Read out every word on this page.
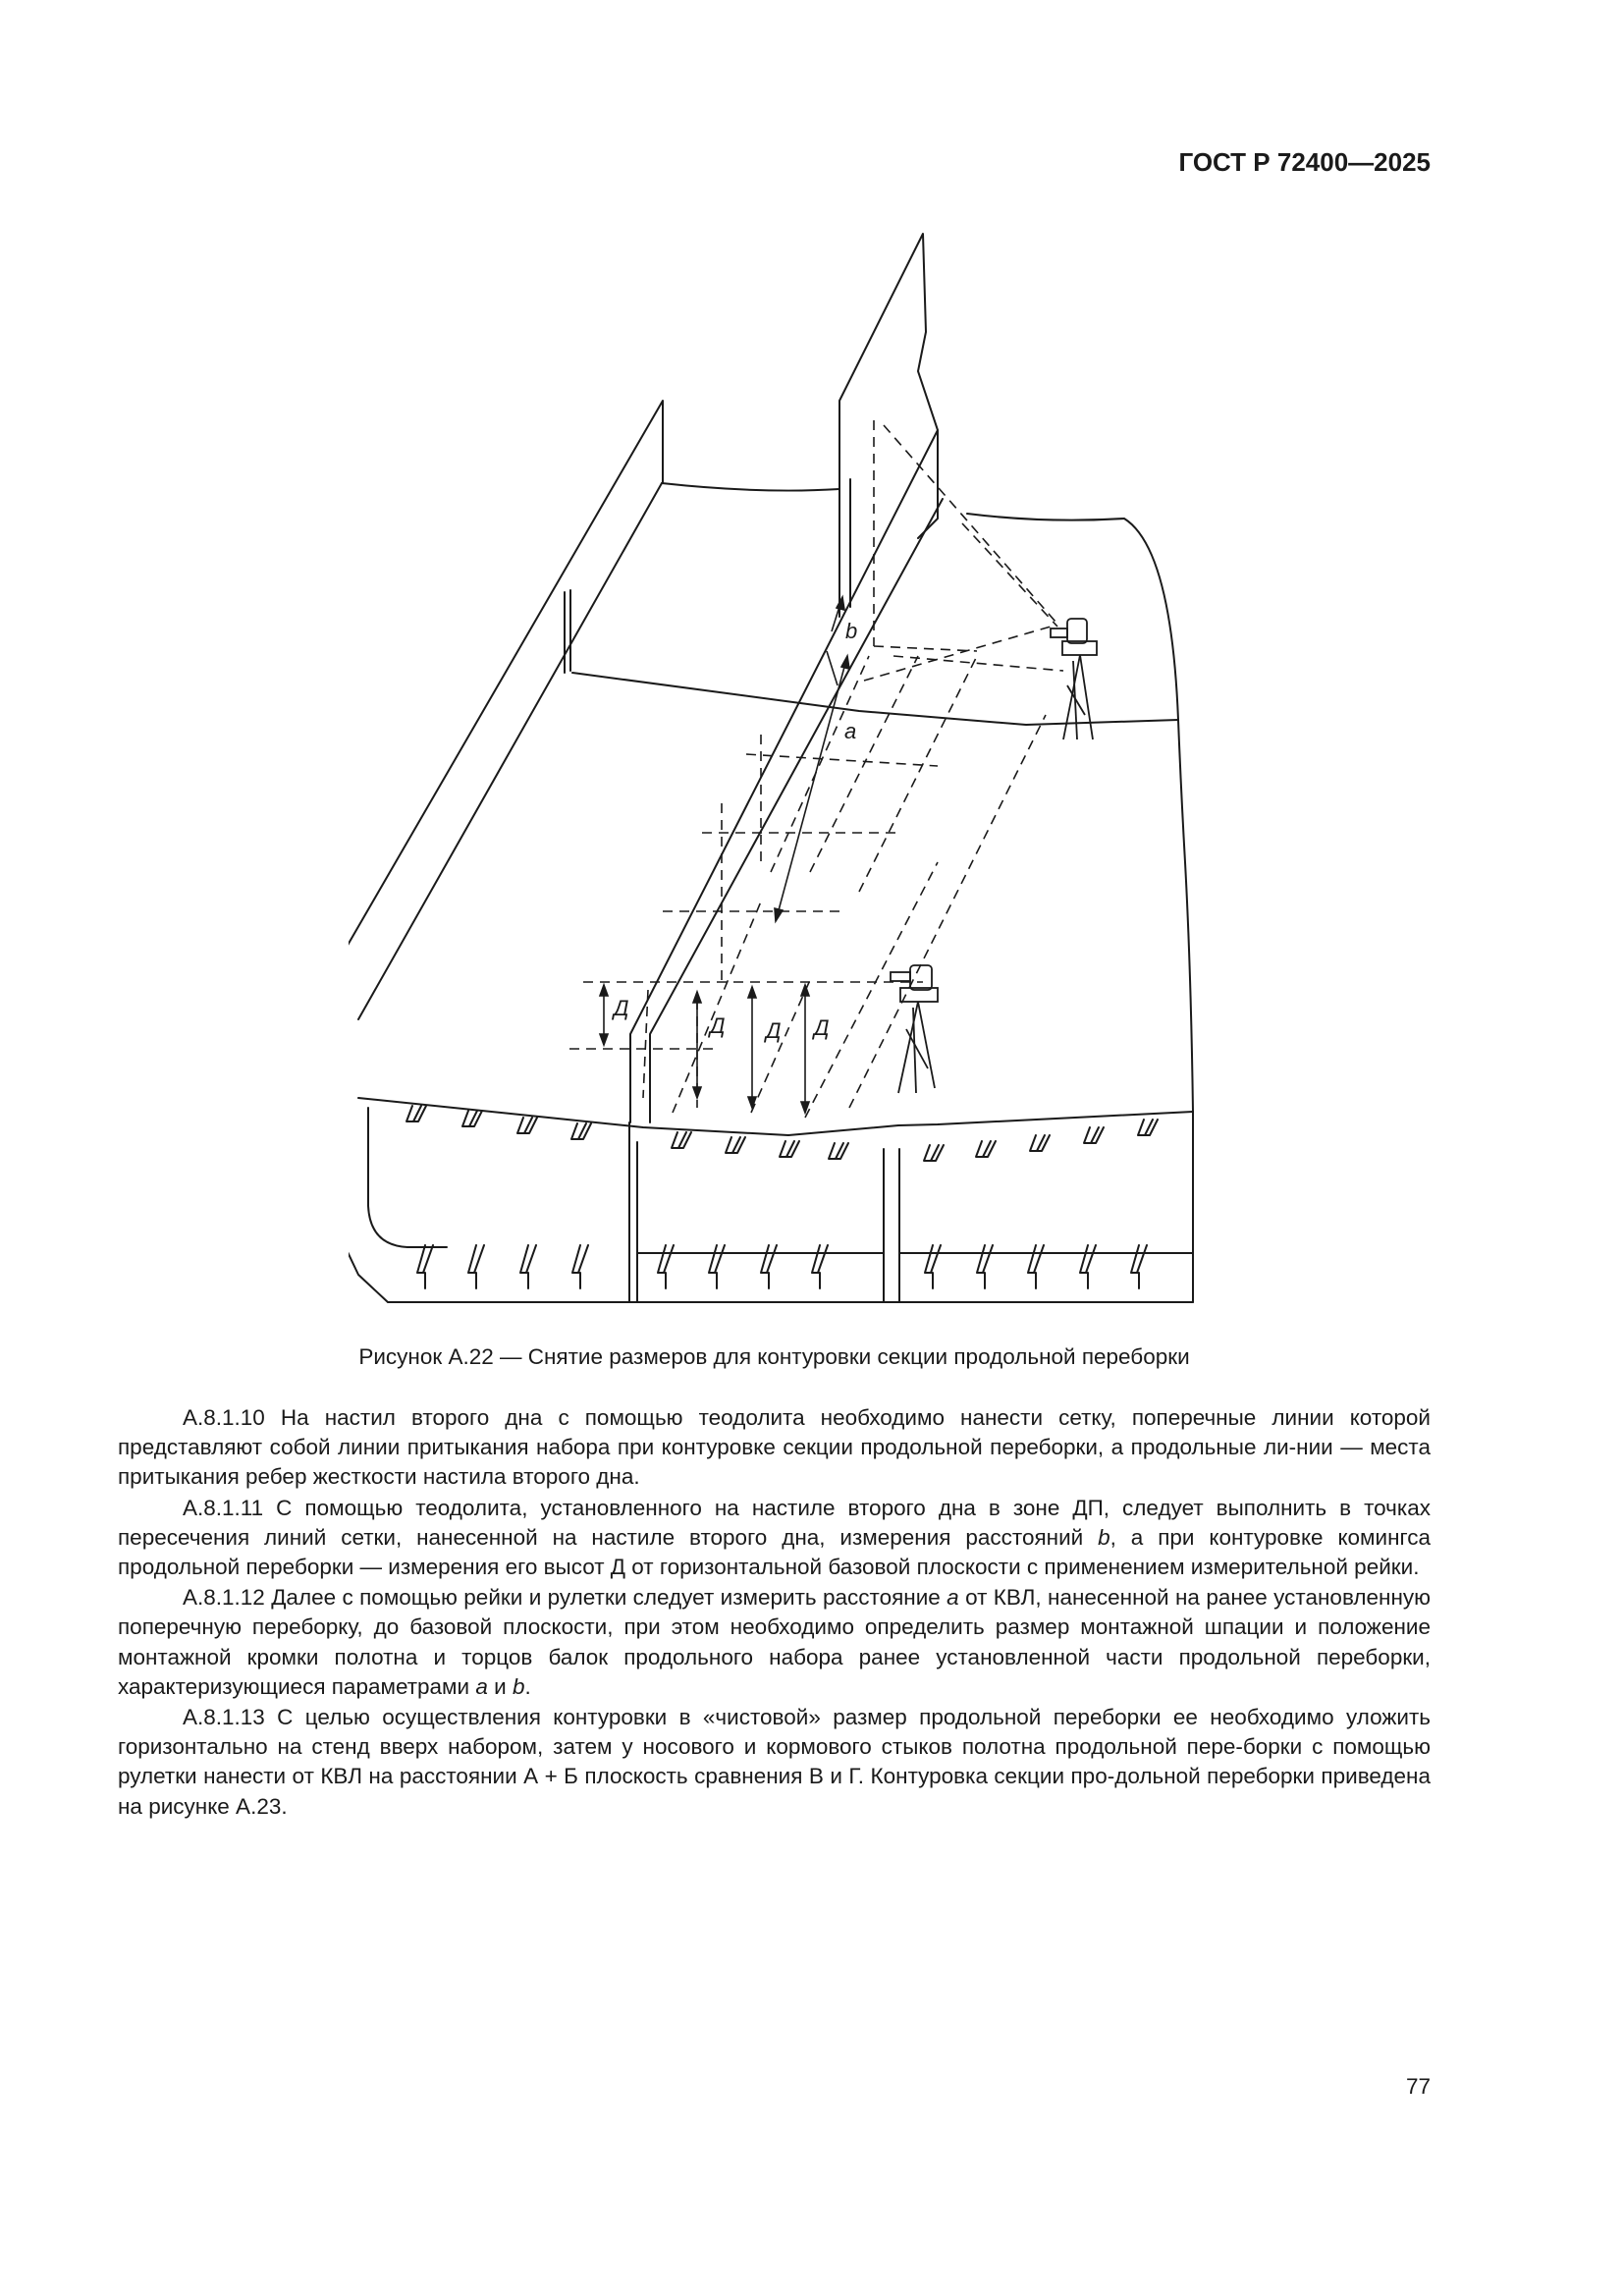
ГОСТ Р 72400—2025
b
a
Д
Д Д Д
Рисунок А.22 — Снятие размеров для контуровки секции продольной переборки

А.8.1.10 На настил второго дна с помощью теодолита необходимо нанести сетку, поперечные линии которой представляют собой линии притыкания набора при контуровке секции продольной переборки, а продольные ли-нии — места притыкания ребер жесткости настила второго дна.

А.8.1.11 С помощью теодолита, установленного на настиле второго дна в зоне ДП, следует выполнить в точках пересечения линий сетки, нанесенной на настиле второго дна, измерения расстояний b, а при контуровке комингса продольной переборки — измерения его высот Д от горизонтальной базовой плоскости с применением измерительной рейки.

А.8.1.12 Далее с помощью рейки и рулетки следует измерить расстояние a от КВЛ, нанесенной на ранее установленную поперечную переборку, до базовой плоскости, при этом необходимо определить размер монтажной шпации и положение монтажной кромки полотна и торцов балок продольного набора ранее установленной части продольной переборки, характеризующиеся параметрами a и b.

А.8.1.13 С целью осуществления контуровки в «чистовой» размер продольной переборки ее необходимо уложить горизонтально на стенд вверх набором, затем у носового и кормового стыков полотна продольной пере-борки с помощью рулетки нанести от КВЛ на расстоянии А + Б плоскость сравнения В и Г. Контуровка секции про-дольной переборки приведена на рисунке А.23.

77
